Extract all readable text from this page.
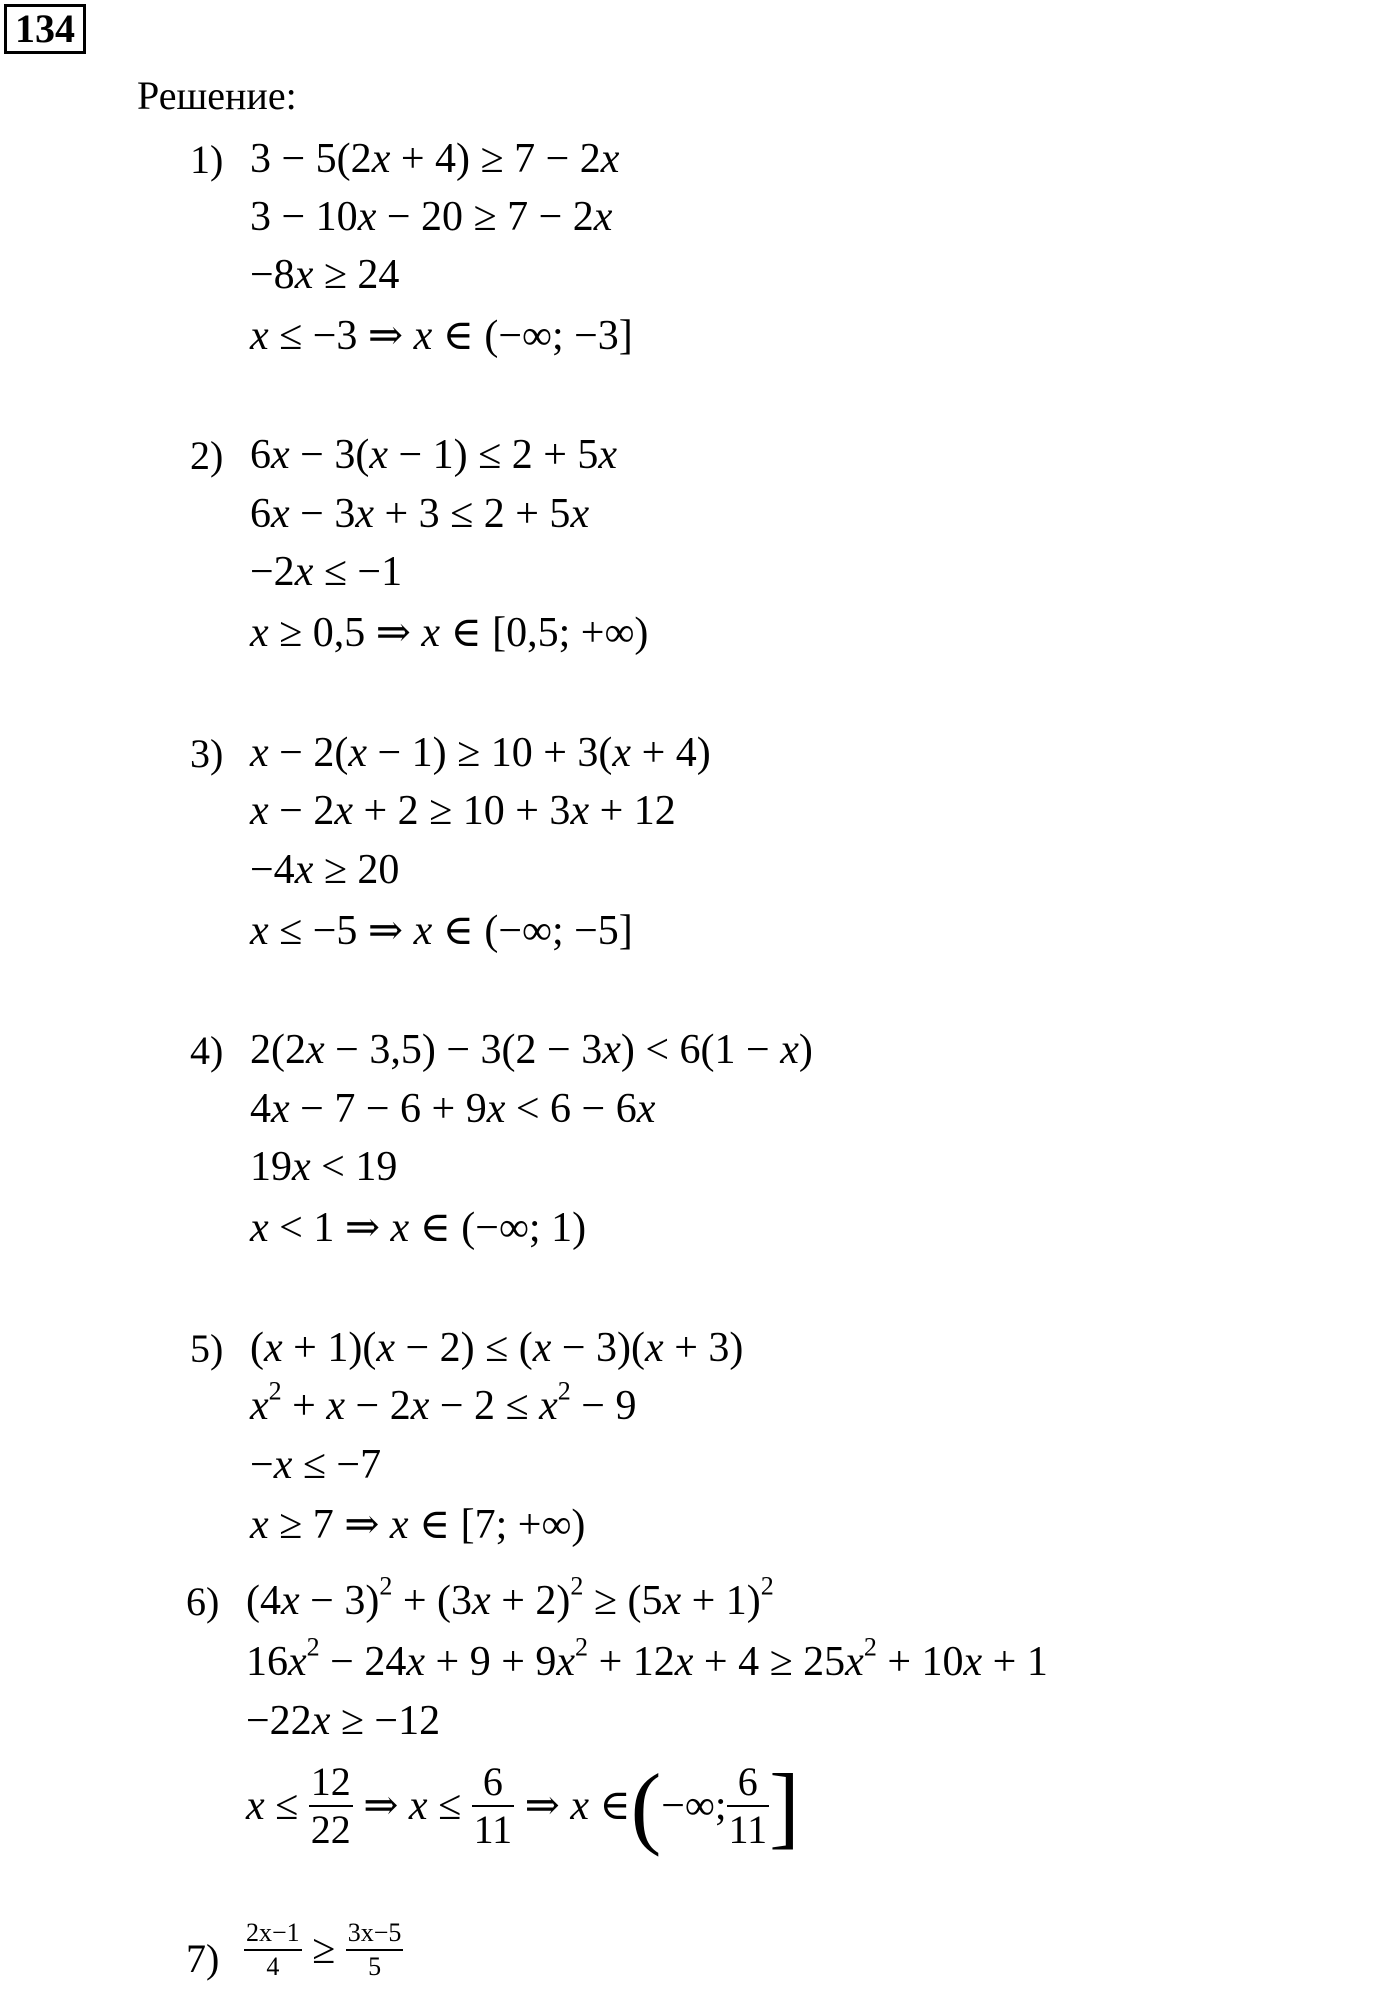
134
Решение:
1) 3 − 5(2x + 4) ≥ 7 − 2x
3 − 10x − 20 ≥ 7 − 2x
−8x ≥ 24
x ≤ −3 ⇒ x ∈ (−∞; −3]
2) 6x − 3(x − 1) ≤ 2 + 5x
6x − 3x + 3 ≤ 2 + 5x
−2x ≤ −1
x ≥ 0,5 ⇒ x ∈ [0,5; +∞)
3) x − 2(x − 1) ≥ 10 + 3(x + 4)
x − 2x + 2 ≥ 10 + 3x + 12
−4x ≥ 20
x ≤ −5 ⇒ x ∈ (−∞; −5]
4) 2(2x − 3,5) − 3(2 − 3x) < 6(1 − x)
4x − 7 − 6 + 9x < 6 − 6x
19x < 19
x < 1 ⇒ x ∈ (−∞; 1)
5) (x + 1)(x − 2) ≤ (x − 3)(x + 3)
$x^2 + x - 2x - 2 \le x^2 - 9$
−x ≤ −7
x ≥ 7 ⇒ x ∈ [7; +∞)
6) $(4x - 3)^2 + (3x + 2)^2 \ge (5x + 1)^2$
$16x^2 - 24x + 9 + 9x^2 + 12x + 4 \ge 25x^2 + 10x + 1$
−22x ≥ −12
$x \le \frac{12}{22}$ ⇒ $x \le \frac{6}{11}$ ⇒ x ∈(−∞; $\frac{6}{11}$ ]
$7) \frac{2x-1}{4} \ge \frac{3x-5}{5}$
